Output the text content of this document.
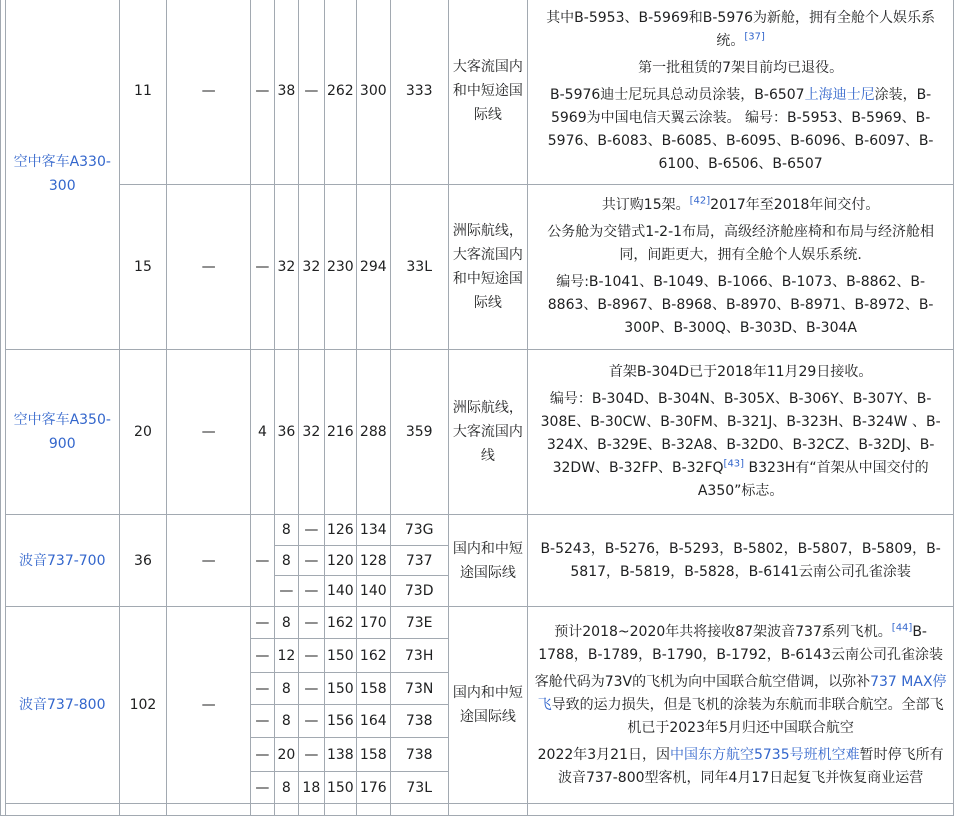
	空中客车A330-300	11	—	—	38	—	262	300	333	大客流国内和中短途国际线	其中B-5953、B-5969和B-5976为新舱，拥有全舱个人娱乐系统。[37]

第一批租赁的7架目前均已退役。

B-5976迪士尼玩具总动员涂装，B-6507上海迪士尼涂装，B-5969为中国电信天翼云涂装。 编号：B-5953、B-5969、B-5976、B-6083、B-6085、B-6095、B-6096、B-6097、B-6100、B-6506、B-6507

		15	—	—	32	32	230	294	33L	洲际航线，大客流国内和中短途国际线	共订购15架。[42]2017年至2018年间交付。

公务舱为交错式1-2-1布局，高级经济舱座椅和布局与经济舱相同，间距更大，拥有全舱个人娱乐系统.

编号:B-1041、B-1049、B-1066、B-1073、B-8862、B-8863、B-8967、B-8968、B-8970、B-8971、B-8972、B-300P、B-300Q、B-303D、B-304A

	空中客车A350-900	20	—	4	36	32	216	288	359	洲际航线，大客流国内线	首架B-304D已于2018年11月29日接收。

编号：B-304D、B-304N、B-305X、B-306Y、B-307Y、B-308E、B-30CW、B-30FM、B-321J、B-323H、B-324W 、B-324X、B-329E、B-32A8、B-32D0、B-32CZ、B-32DJ、B-32DW、B-32FP、B-32FQ[43] B323H有“首架从中国交付的A350”标志。

	波音737-700	36	—	—	8	—	126	134	73G	国内和中短途国际线	B-5243，B-5276，B-5293，B-5802，B-5807，B-5809，B-5817，B-5819，B-5828，B-6141云南公司孔雀涂装
					8	—	120	128	737		
					—	—	140	140	73D		
	波音737-800	102	—	—	8	—	162	170	73E	国内和中短途国际线	预计2018~2020年共将接收87架波音737系列飞机。[44]B-1788，B-1789，B-1790，B-1792，B-6143云南公司孔雀涂装

客舱代码为73V的飞机为向中国联合航空借调，以弥补737 MAX停飞导致的运力损失，但是飞机的涂装为东航而非联合航空。全部飞机已于2023年5月归还中国联合航空

2022年3月21日，因中国东方航空5735号班机空难暂时停飞所有波音737-800型客机，同年4月17日起复飞并恢复商业运营

				—	12	—	150	162	73H		
				—	8	—	150	158	73N		
				—	8	—	156	164	738		
				—	20	—	138	158	738		
				—	8	18	150	176	73L		
